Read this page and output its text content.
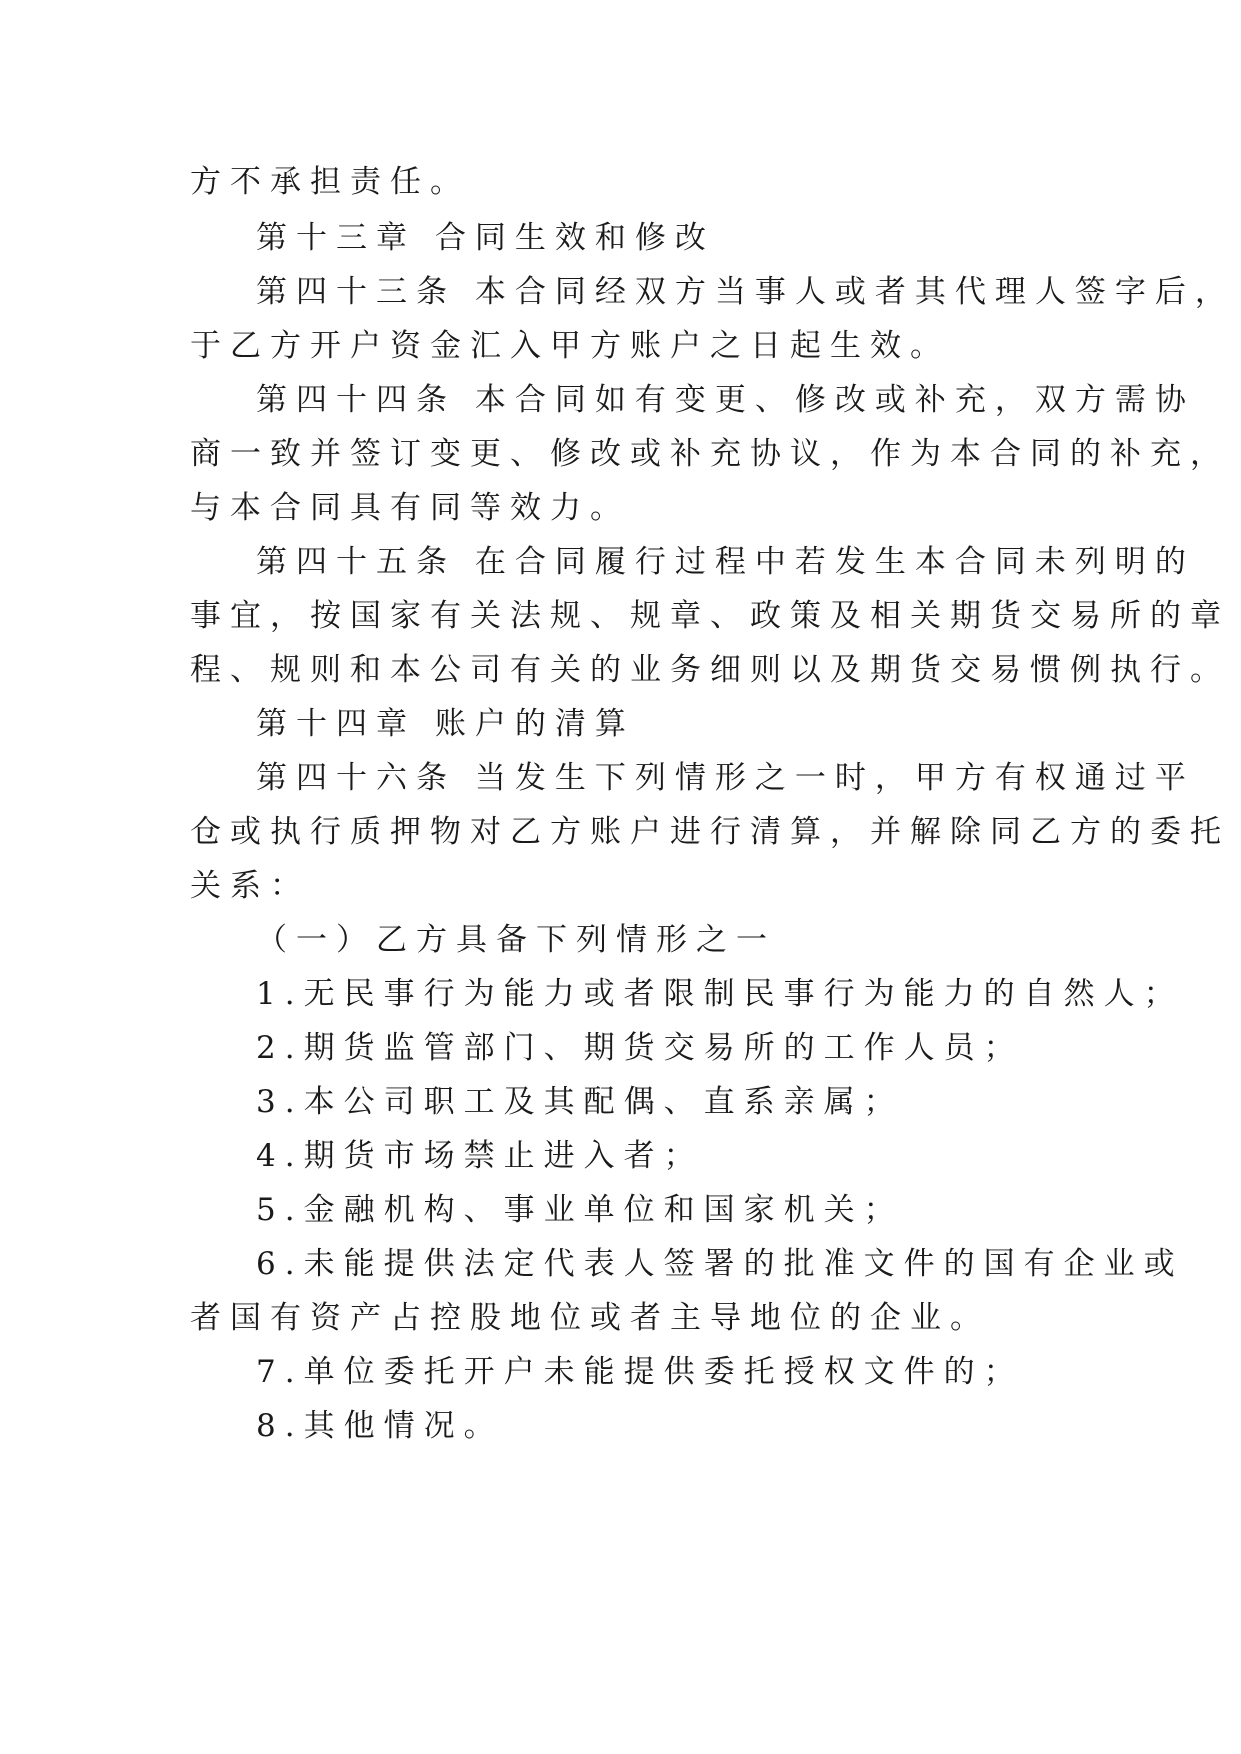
方不承担责任。
第十三章 合同生效和修改
第四十三条 本合同经双方当事人或者其代理人签字后，
于乙方开户资金汇入甲方账户之日起生效。
第四十四条 本合同如有变更、修改或补充，双方需协
商一致并签订变更、修改或补充协议，作为本合同的补充，
与本合同具有同等效力。
第四十五条 在合同履行过程中若发生本合同未列明的
事宜，按国家有关法规、规章、政策及相关期货交易所的章
程、规则和本公司有关的业务细则以及期货交易惯例执行。
第十四章 账户的清算
第四十六条 当发生下列情形之一时，甲方有权通过平
仓或执行质押物对乙方账户进行清算，并解除同乙方的委托
关系：
（一）乙方具备下列情形之一
1.无民事行为能力或者限制民事行为能力的自然人；
2.期货监管部门、期货交易所的工作人员；
3.本公司职工及其配偶、直系亲属；
4.期货市场禁止进入者；
5.金融机构、事业单位和国家机关；
6.未能提供法定代表人签署的批准文件的国有企业或
者国有资产占控股地位或者主导地位的企业。
7.单位委托开户未能提供委托授权文件的；
8.其他情况。
